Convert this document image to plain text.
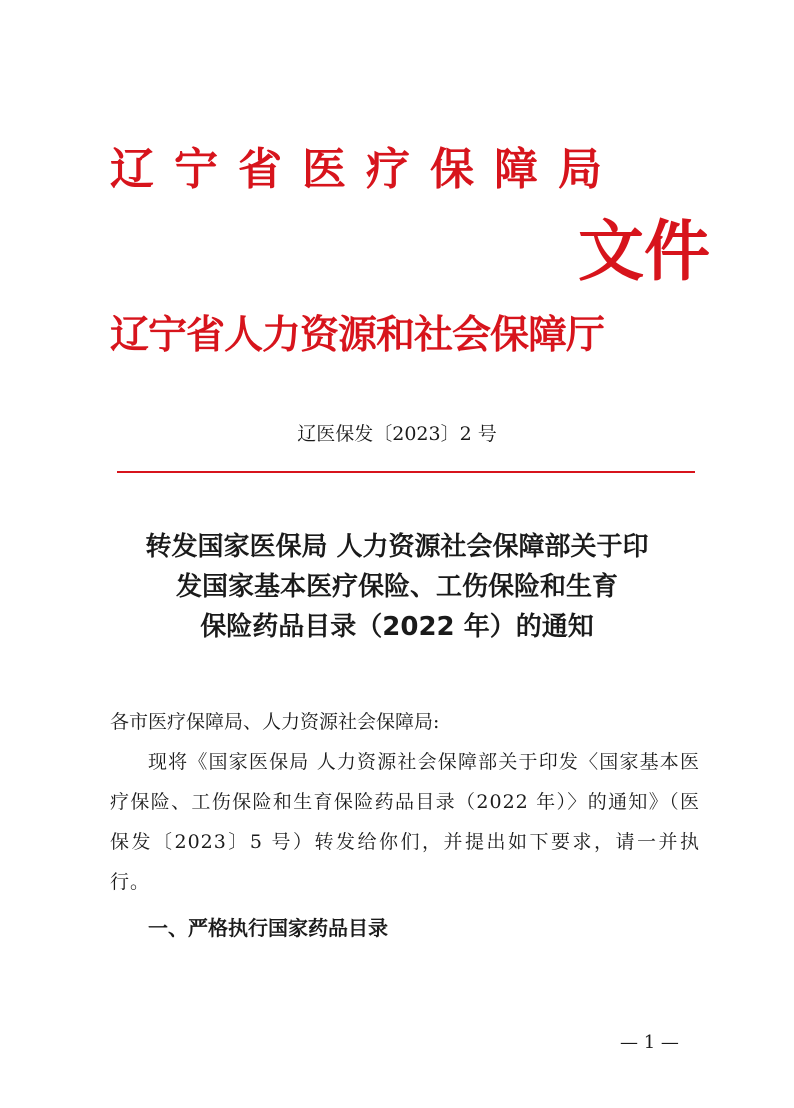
辽宁省医疗保障局
文件
辽宁省人力资源和社会保障厅
辽医保发〔2023〕2 号
转发国家医保局 人力资源社会保障部关于印
发国家基本医疗保险、工伤保险和生育
保险药品目录（2022 年）的通知
各市医疗保障局、人力资源社会保障局:
现将《国家医保局 人力资源社会保障部关于印发〈国家基本医疗保险、工伤保险和生育保险药品目录（2022 年）〉的通知》（医保发〔2023〕5 号）转发给你们，并提出如下要求，请一并执行。
一、严格执行国家药品目录
— 1 —
